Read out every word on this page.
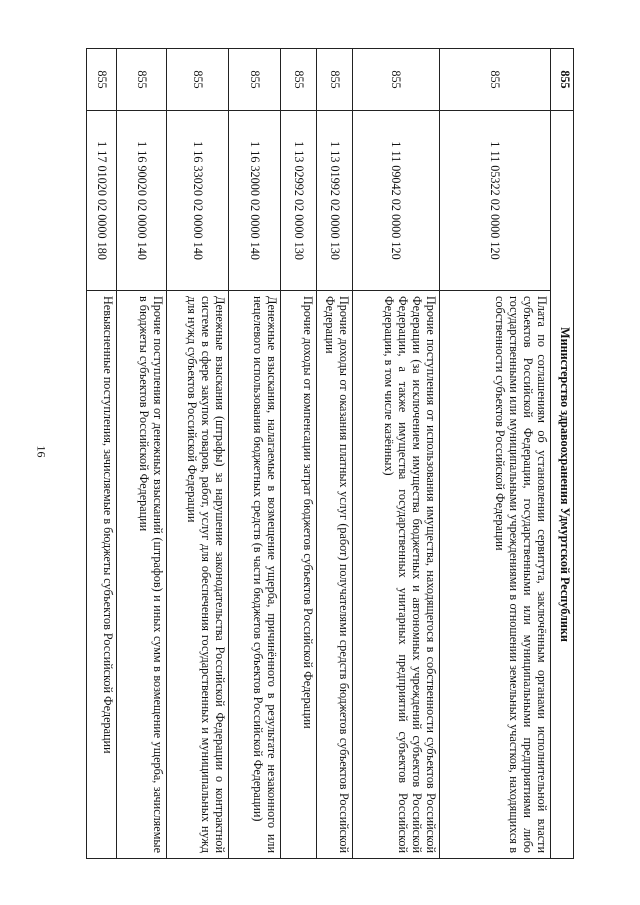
16
855	Министерство здравоохранения Удмуртской Республики	
855	1 11 05322 02 0000 120	Плата по соглашениям об установлении сервитута, заключённым органами исполнительной власти субъектов Российской Федерации, государственными или муниципальными предприятиями либо государственными или муниципальными учреждениями в отношении земельных участков, находящихся в собственности субъектов Российской Федерации
855	1 11 09042 02 0000 120	Прочие поступления от использования имущества, находящегося в собственности субъектов Российской Федерации (за исключением имущества бюджетных и автономных учреждений субъектов Российской Федерации, а также имущества государственных унитарных предприятий субъектов Российской Федерации, в том числе казённых)
855	1 13 01992 02 0000 130	Прочие доходы от оказания платных услуг (работ) получателями средств бюджетов субъектов Российской Федерации
855	1 13 02992 02 0000 130	Прочие доходы от компенсации затрат бюджетов субъектов Российской Федерации
855	1 16 32000 02 0000 140	Денежные взыскания, налагаемые в возмещение ущерба, причинённого в результате незаконного или нецелевого использования бюджетных средств (в части бюджетов субъектов Российской Федерации)
855	1 16 33020 02 0000 140	Денежные взыскания (штрафы) за нарушение законодательства Российской Федерации о контрактной системе в сфере закупок товаров, работ, услуг для обеспечения государственных и муниципальных нужд для нужд субъектов Российской Федерации
855	1 16 90020 02 0000 140	Прочие поступления от денежных взысканий (штрафов) и иных сумм в возмещение ущерба, зачисляемые в бюджеты субъектов Российской Федерации
855	1 17 01020 02 0000 180	Невыясненные поступления, зачисляемые в бюджеты субъектов Российской Федерации
